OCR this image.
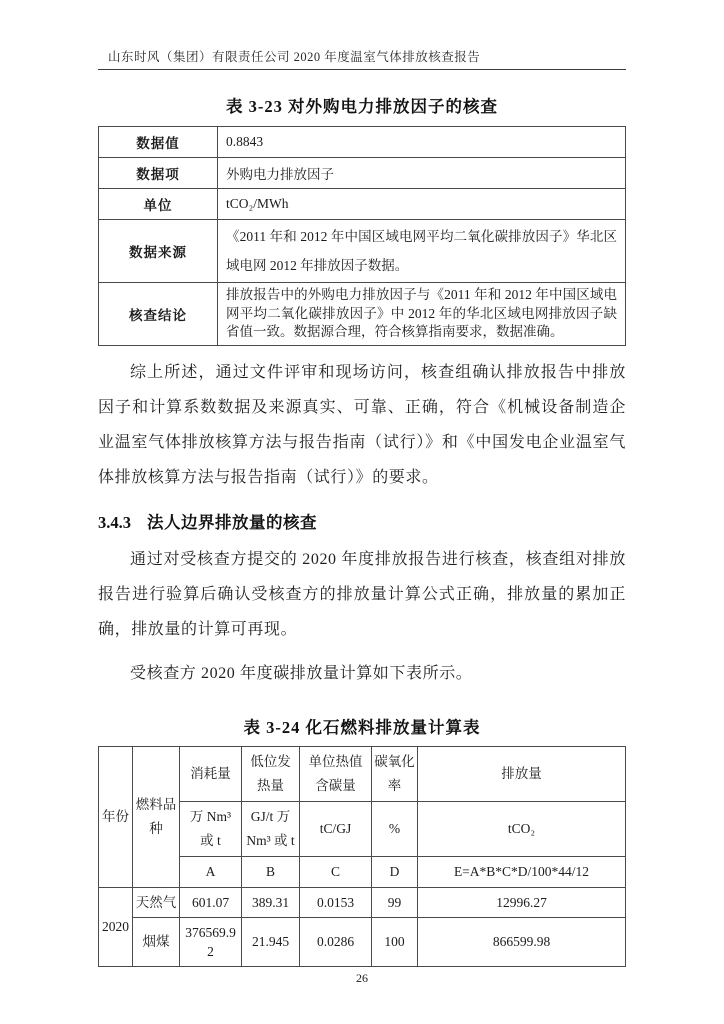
山东时风（集团）有限责任公司 2020 年度温室气体排放核查报告
表 3-23 对外购电力排放因子的核查
数据值	0.8843
数据项	外购电力排放因子
单位	tCO₂/MWh
数据来源	《2011 年和 2012 年中国区域电网平均二氧化碳排放因子》华北区域电网 2012 年排放因子数据。
核查结论	排放报告中的外购电力排放因子与《2011 年和 2012 年中国区域电网平均二氧化碳排放因子》中 2012 年的华北区域电网排放因子缺省值一致。数据源合理，符合核算指南要求，数据准确。

综上所述，通过文件评审和现场访问，核查组确认排放报告中排放因子和计算系数数据及来源真实、可靠、正确，符合《机械设备制造企业温室气体排放核算方法与报告指南（试行）》和《中国发电企业温室气体排放核算方法与报告指南（试行）》的要求。

3.4.3 法人边界排放量的核查

通过对受核查方提交的 2020 年度排放报告进行核查，核查组对排放报告进行验算后确认受核查方的排放量计算公式正确，排放量的累加正确，排放量的计算可再现。

受核查方 2020 年度碳排放量计算如下表所示。

表 3-24 化石燃料排放量计算表
年份	燃料品种	消耗量	低位发热量	单位热值含碳量	碳氧化率	排放量
		万 Nm³ 或 t	GJ/t 万 Nm³ 或 t	tC/GJ	%	tCO₂
		A	B	C	D	E=A*B*C*D/100*44/12
2020	天然气	601.07	389.31	0.0153	99	12996.27
	烟煤	376569.92	21.945	0.0286	100	866599.98
26
